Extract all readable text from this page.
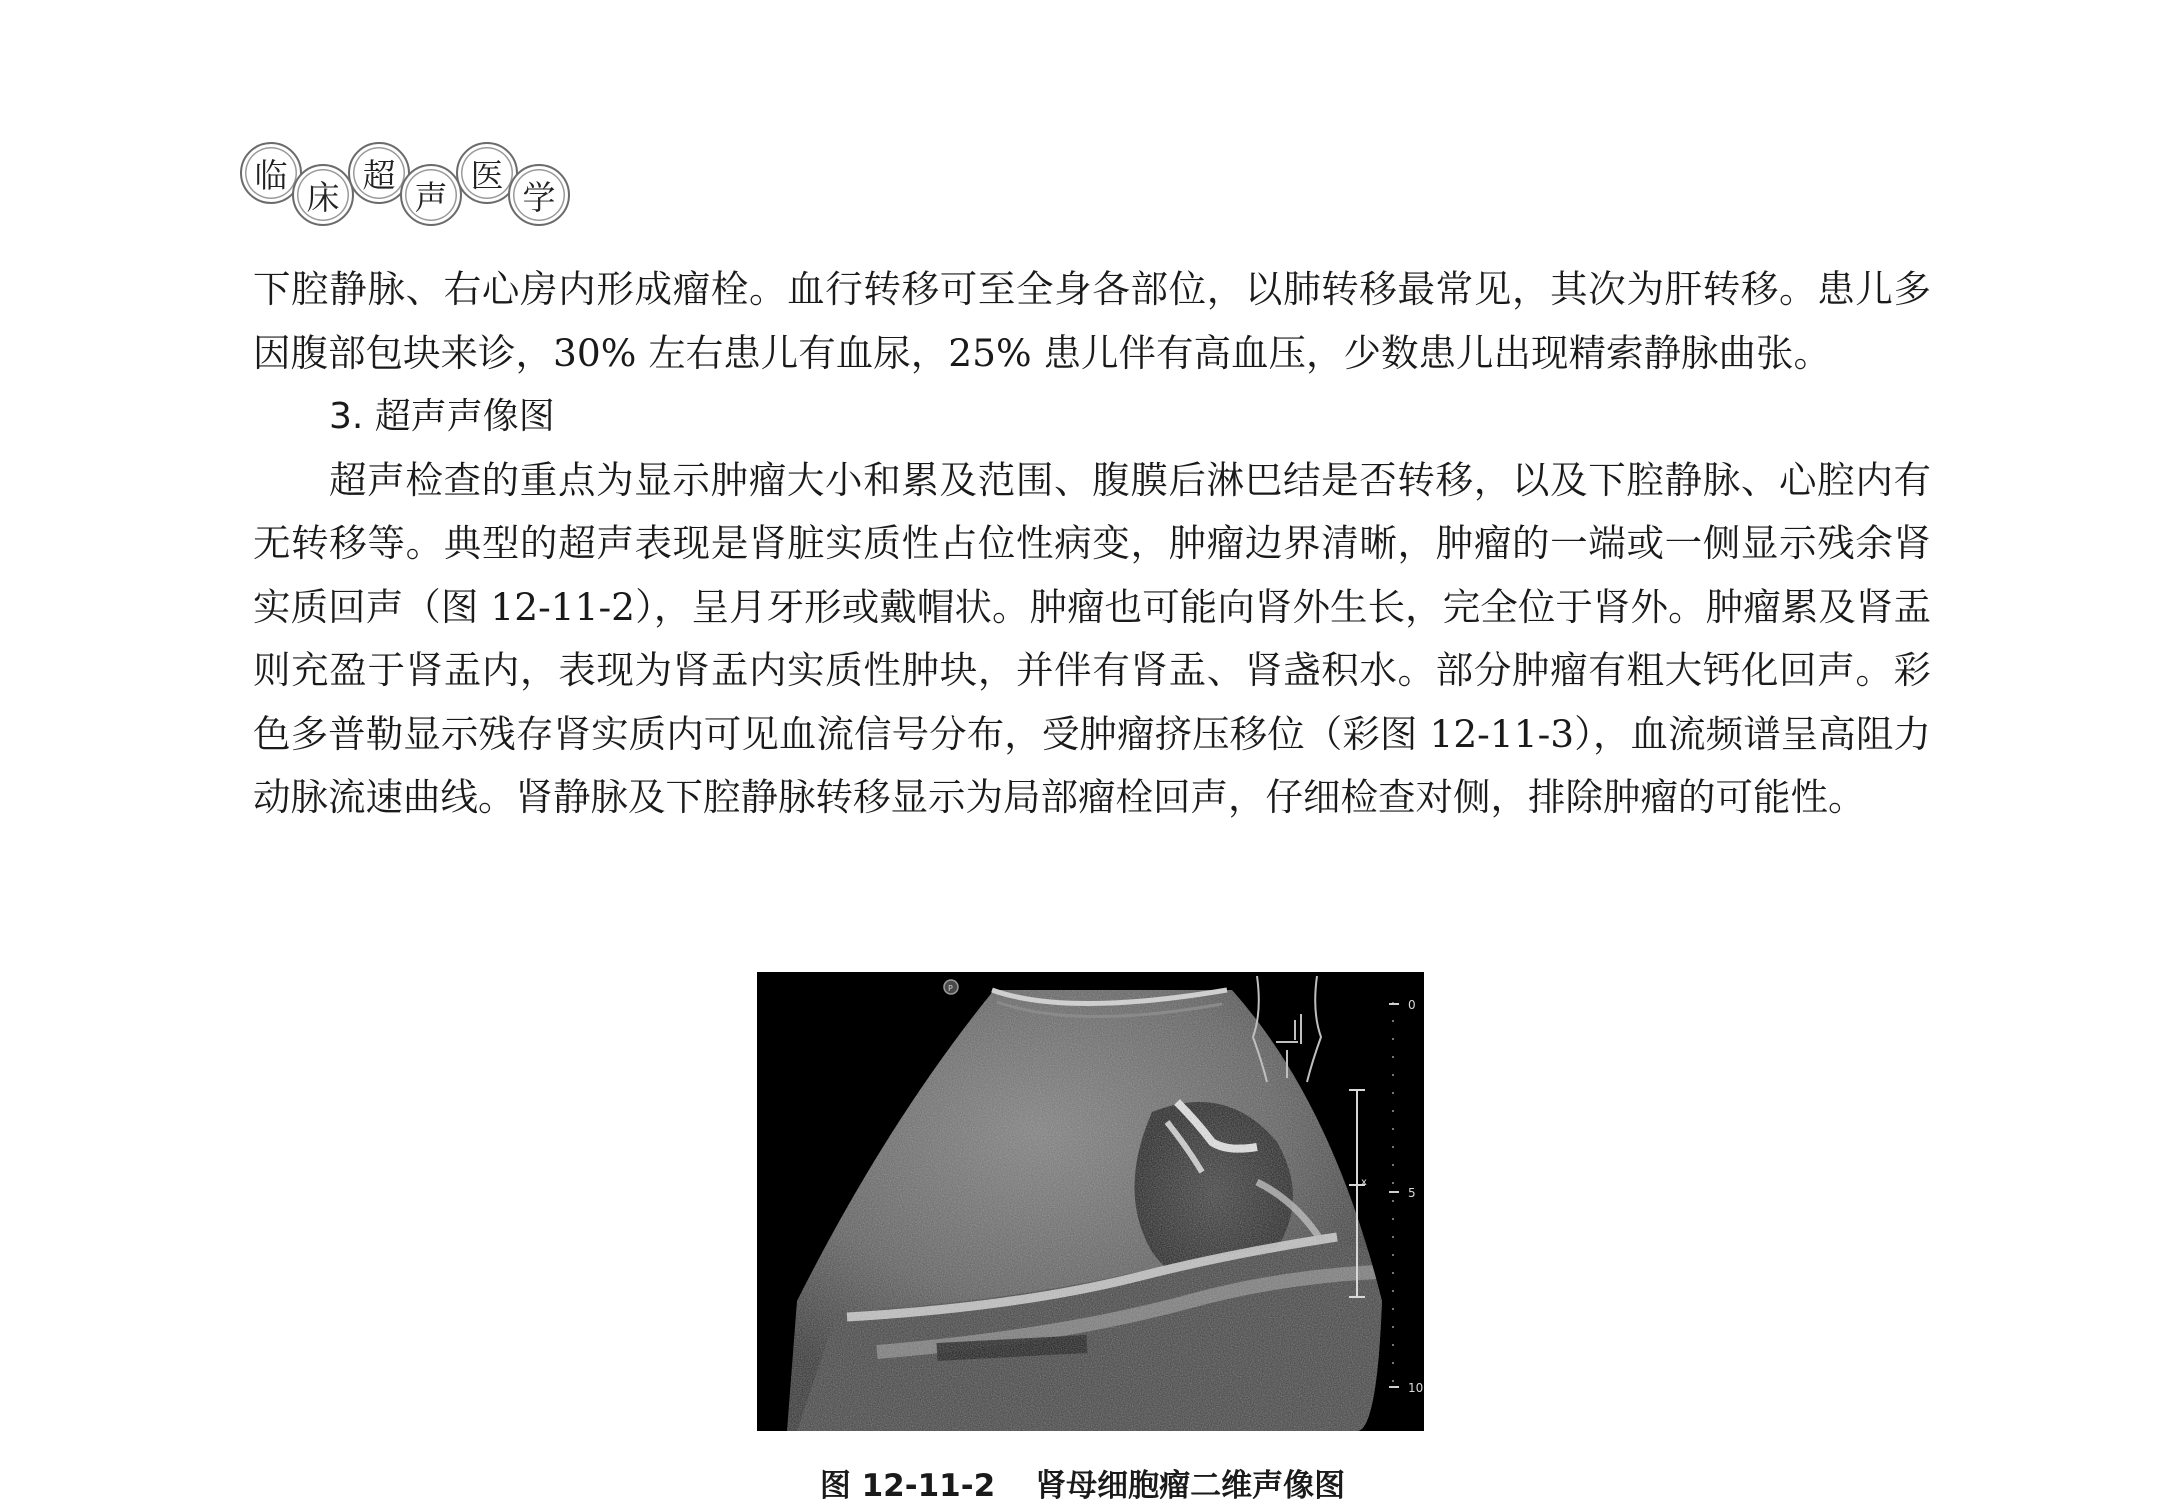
临
床
超
声
医
学

下腔静脉、右心房内形成瘤栓。血行转移可至全身各部位，以肺转移最常见，其次为肝转移。患儿多因腹部包块来诊，30% 左右患儿有血尿，25% 患儿伴有高血压，少数患儿出现精索静脉曲张。

3. 超声声像图

超声检查的重点为显示肿瘤大小和累及范围、腹膜后淋巴结是否转移，以及下腔静脉、心腔内有无转移等。典型的超声表现是肾脏实质性占位性病变，肿瘤边界清晰，肿瘤的一端或一侧显示残余肾实质回声（图 12-11-2），呈月牙形或戴帽状。肿瘤也可能向肾外生长，完全位于肾外。肿瘤累及肾盂则充盈于肾盂内，表现为肾盂内实质性肿块，并伴有肾盂、肾盏积水。部分肿瘤有粗大钙化回声。彩色多普勒显示残存肾实质内可见血流信号分布，受肿瘤挤压移位（彩图 12-11-3），血流频谱呈高阻力动脉流速曲线。肾静脉及下腔静脉转移显示为局部瘤栓回声，仔细检查对侧，排除肿瘤的可能性。

P
0
5
10
x
图 12-11-2 肾母细胞瘤二维声像图
